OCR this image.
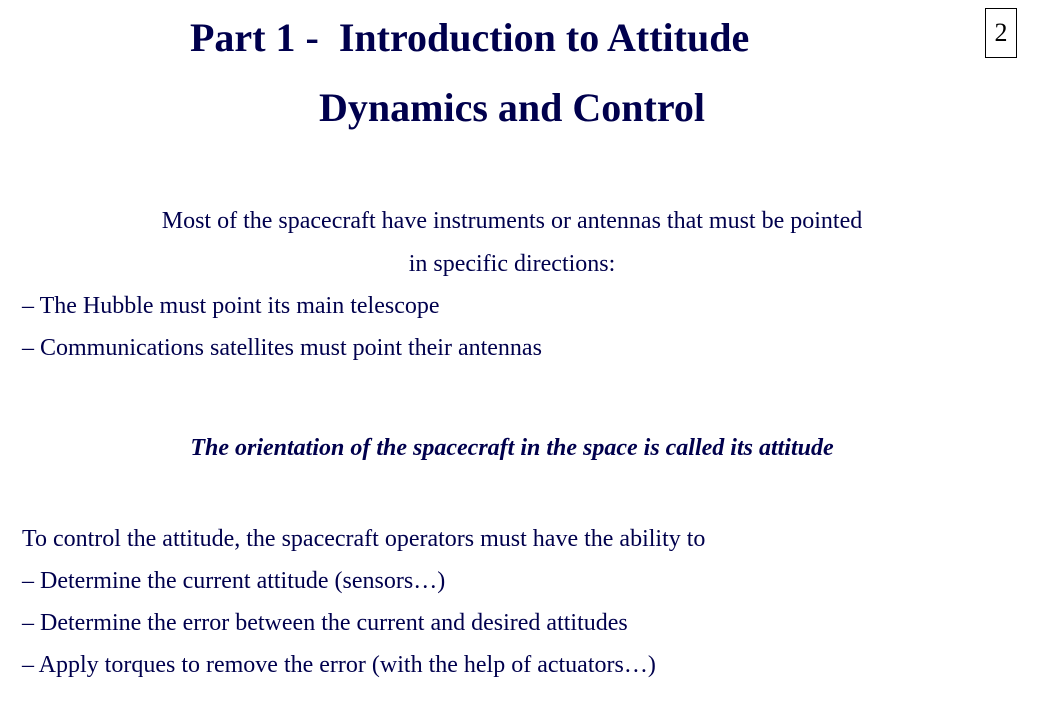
2
Part 1 -  Introduction to Attitude
Dynamics and Control
Most of the spacecraft have instruments or antennas that must be pointed
in specific directions:
– The Hubble must point its main telescope
– Communications satellites must point their antennas
The orientation of the spacecraft in the space is called its attitude
To control the attitude, the spacecraft operators must have the ability to
– Determine the current attitude (sensors…)
– Determine the error between the current and desired attitudes
– Apply torques to remove the error (with the help of actuators…)
